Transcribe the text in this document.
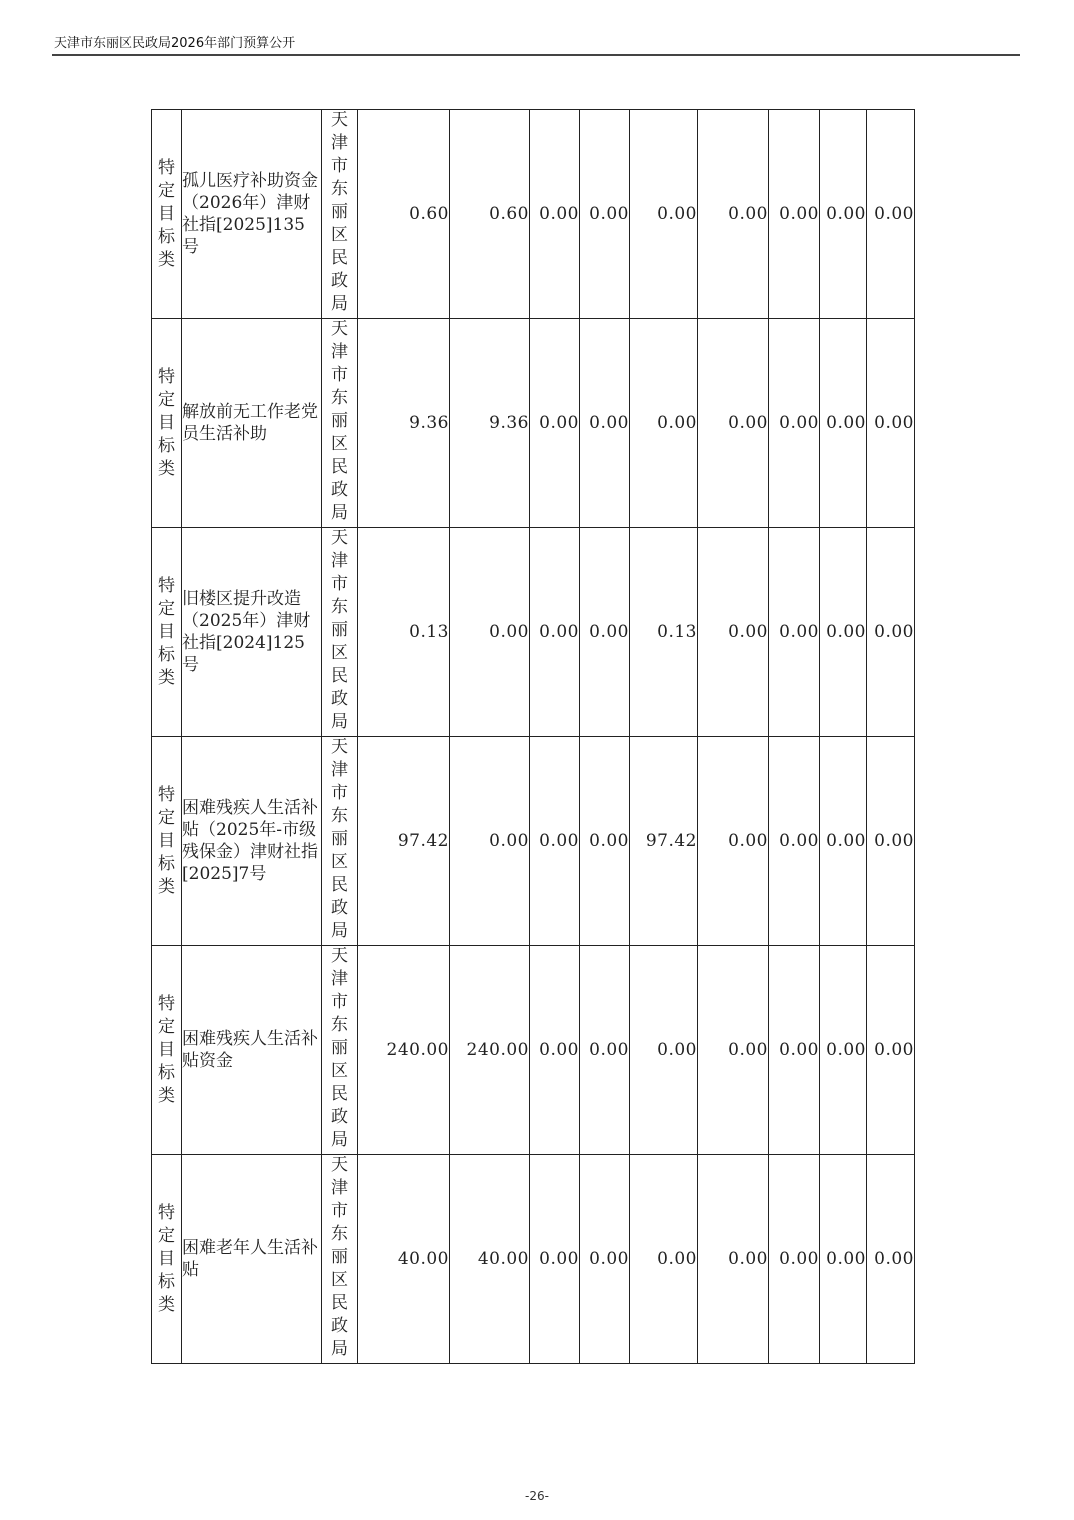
天津市东丽区民政局2026年部门预算公开
特定目标类	孤儿医疗补助资金（2026年）津财社指[2025]135号	天津市东丽区民政局	0.60	0.60	0.00	0.00	0.00	0.00	0.00	0.00	0.00
特定目标类	解放前无工作老党员生活补助	天津市东丽区民政局	9.36	9.36	0.00	0.00	0.00	0.00	0.00	0.00	0.00
特定目标类	旧楼区提升改造（2025年）津财社指[2024]125号	天津市东丽区民政局	0.13	0.00	0.00	0.00	0.13	0.00	0.00	0.00	0.00
特定目标类	困难残疾人生活补贴（2025年-市级残保金）津财社指[2025]7号	天津市东丽区民政局	97.42	0.00	0.00	0.00	97.42	0.00	0.00	0.00	0.00
特定目标类	困难残疾人生活补贴资金	天津市东丽区民政局	240.00	240.00	0.00	0.00	0.00	0.00	0.00	0.00	0.00
特定目标类	困难老年人生活补贴	天津市东丽区民政局	40.00	40.00	0.00	0.00	0.00	0.00	0.00	0.00	0.00
-26-
